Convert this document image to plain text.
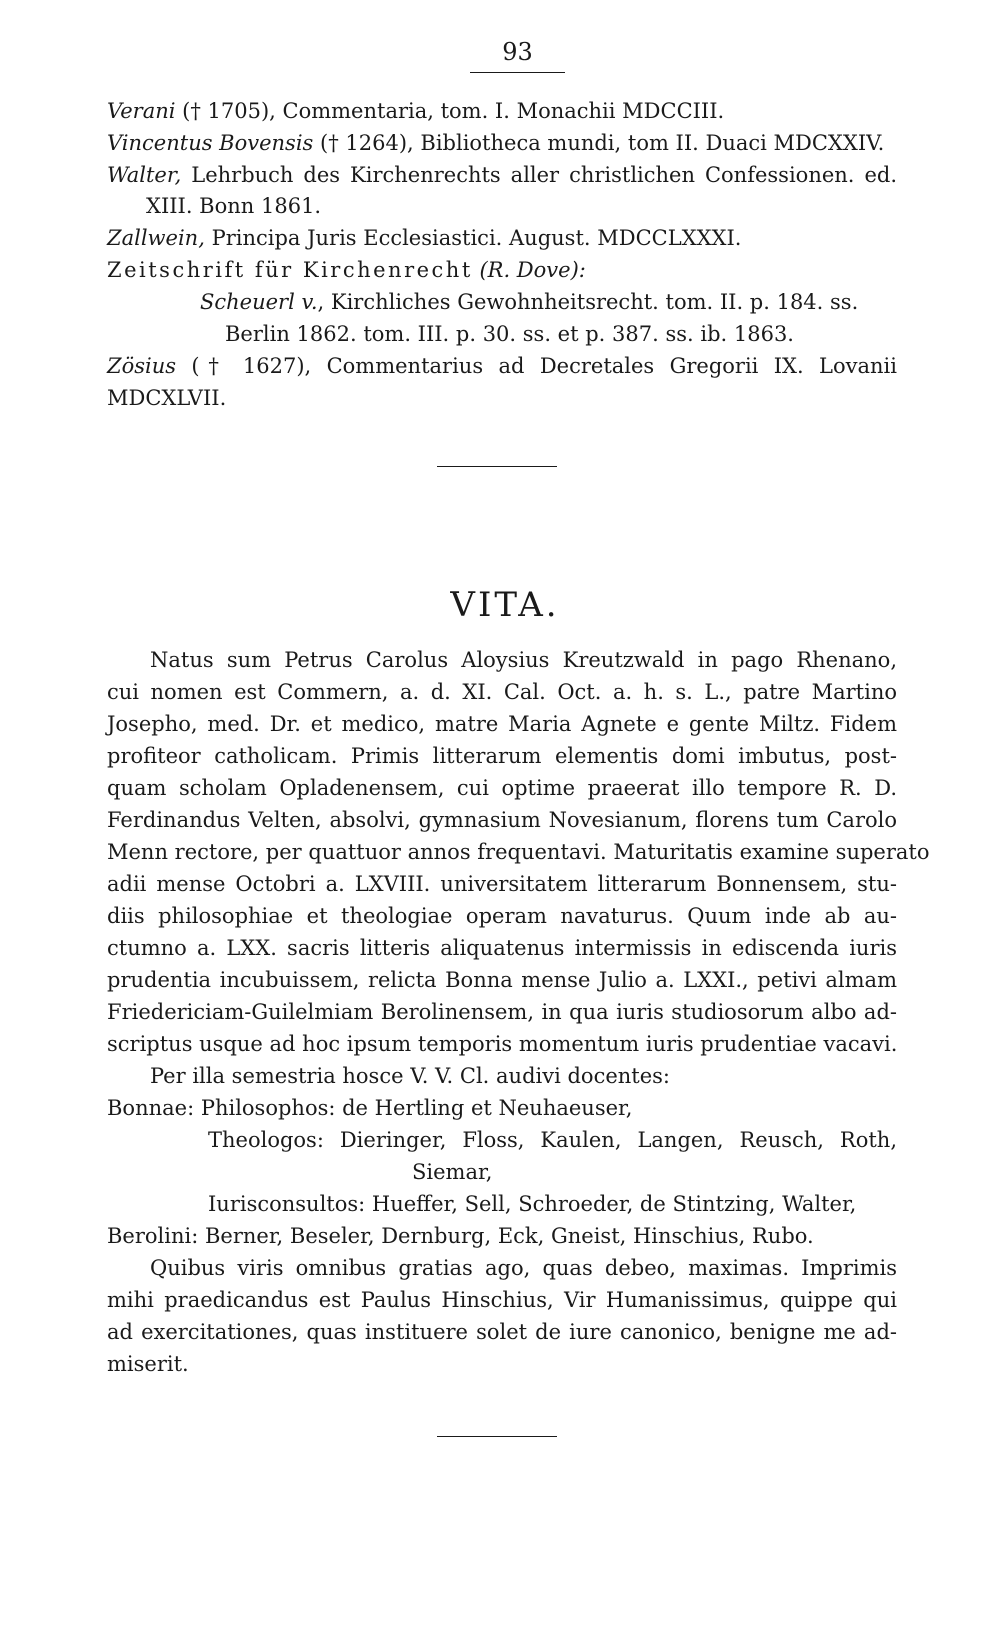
93
Verani († 1705), Commentaria, tom. I. Monachii MDCCIII.
Vincentus Bovensis († 1264), Bibliotheca mundi, tom II. Duaci MDCXXIV.
Walter, Lehrbuch des Kirchenrechts aller christlichen Confessionen. ed.
XIII. Bonn 1861.
Zallwein, Principa Juris Ecclesiastici. August. MDCCLXXXI.
Zeitschrift für Kirchenrecht (R. Dove):
Scheuerl v., Kirchliches Gewohnheitsrecht. tom. II. p. 184. ss.
Berlin 1862. tom. III. p. 30. ss. et p. 387. ss. ib. 1863.
Zösius († 1627), Commentarius ad Decretales Gregorii IX. Lovanii
MDCXLVII.
VITA.
Natus sum Petrus Carolus Aloysius Kreutzwald in pago Rhenano,
cui nomen est Commern, a. d. XI. Cal. Oct. a. h. s. L., patre Martino
Josepho, med. Dr. et medico, matre Maria Agnete e gente Miltz. Fidem
profiteor catholicam. Primis litterarum elementis domi imbutus, post-
quam scholam Opladenensem, cui optime praeerat illo tempore R. D.
Ferdinandus Velten, absolvi, gymnasium Novesianum, florens tum Carolo
Menn rectore, per quattuor annos frequentavi. Maturitatis examine superato
adii mense Octobri a. LXVIII. universitatem litterarum Bonnensem, stu-
diis philosophiae et theologiae operam navaturus. Quum inde ab au-
ctumno a. LXX. sacris litteris aliquatenus intermissis in ediscenda iuris
prudentia incubuissem, relicta Bonna mense Julio a. LXXI., petivi almam
Friedericiam-Guilelmiam Berolinensem, in qua iuris studiosorum albo ad-
scriptus usque ad hoc ipsum temporis momentum iuris prudentiae vacavi.
Per illa semestria hosce V. V. Cl. audivi docentes:
Bonnae: Philosophos: de Hertling et Neuhaeuser,
Theologos: Dieringer, Floss, Kaulen, Langen, Reusch, Roth,
Siemar,
Iurisconsultos: Hueffer, Sell, Schroeder, de Stintzing, Walter,
Berolini: Berner, Beseler, Dernburg, Eck, Gneist, Hinschius, Rubo.
Quibus viris omnibus gratias ago, quas debeo, maximas. Imprimis
mihi praedicandus est Paulus Hinschius, Vir Humanissimus, quippe qui
ad exercitationes, quas instituere solet de iure canonico, benigne me ad-
miserit.
